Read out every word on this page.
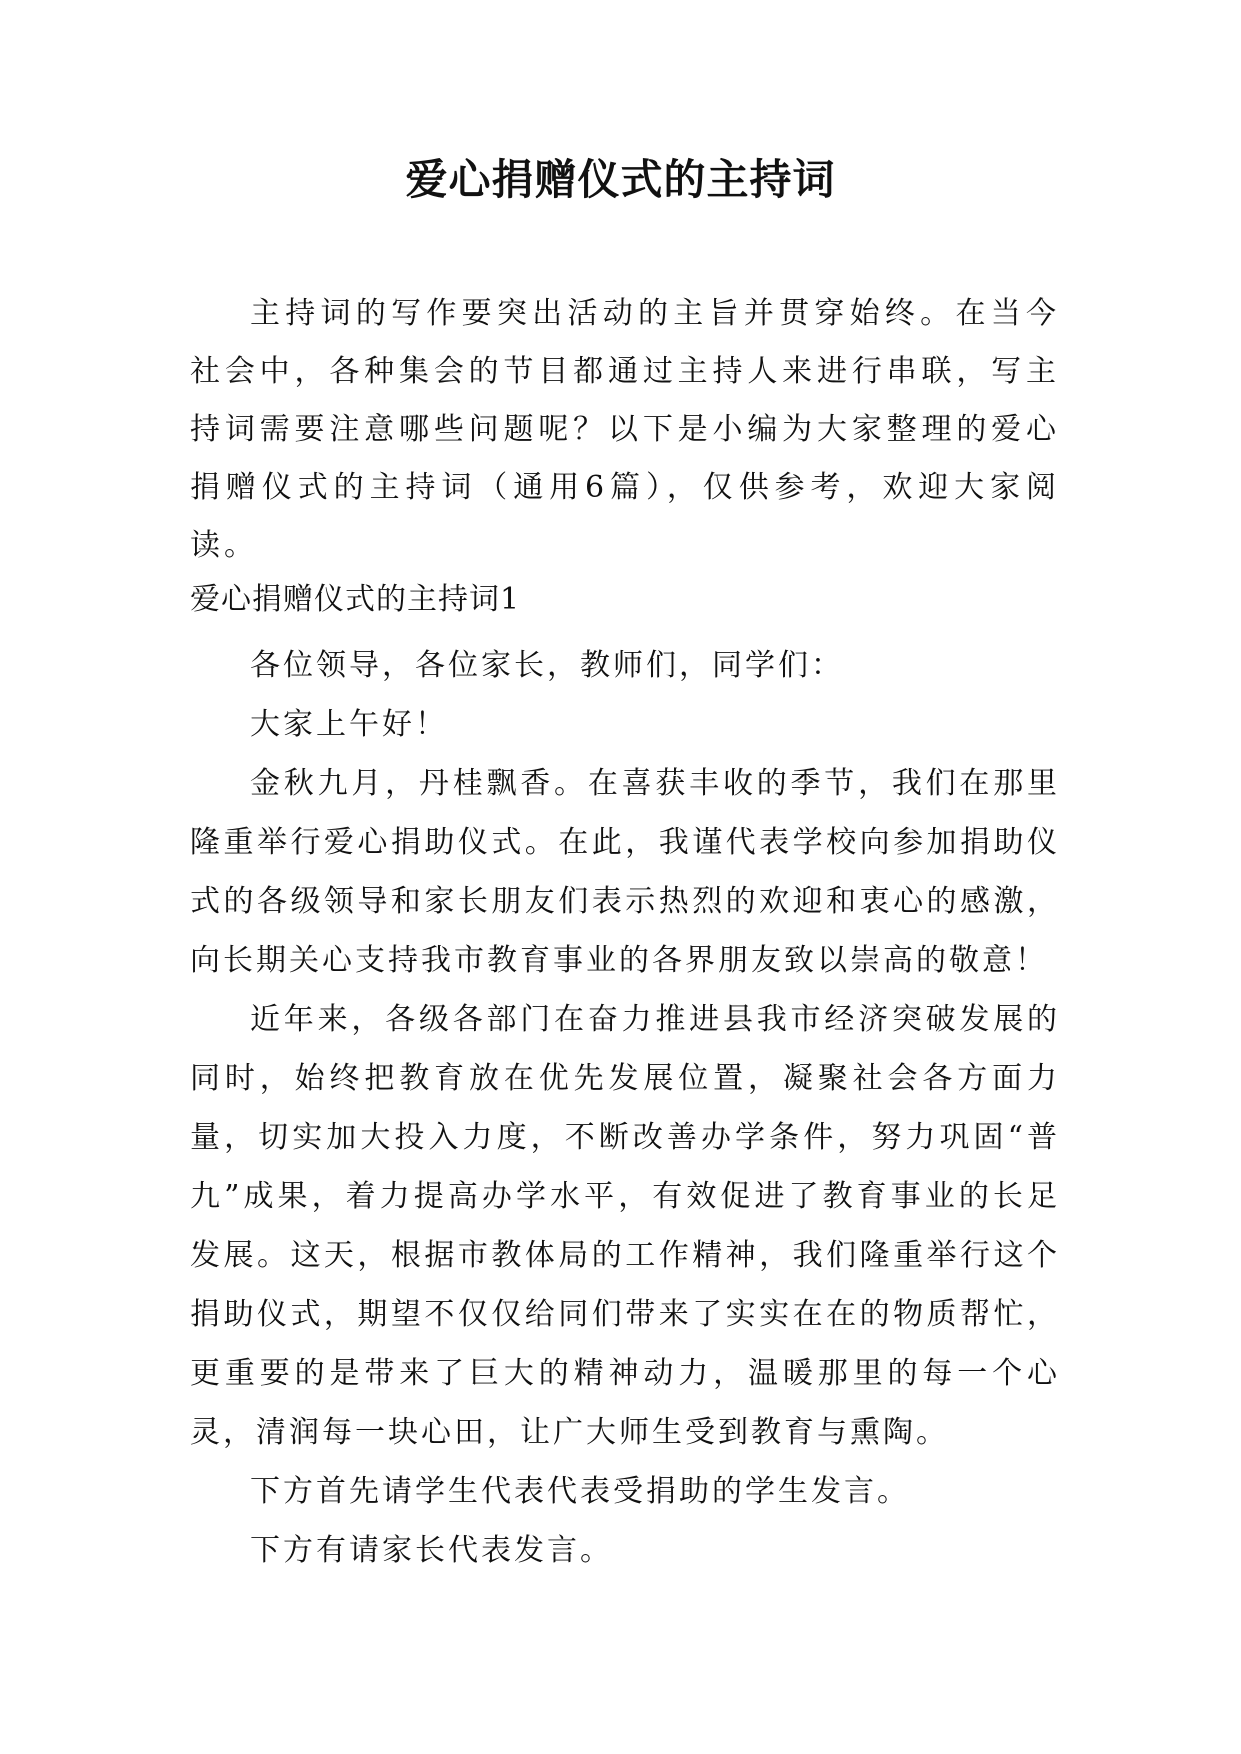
爱心捐赠仪式的主持词

主持词的写作要突出活动的主旨并贯穿始终。在当今社会中，各种集会的节目都通过主持人来进行串联，写主持词需要注意哪些问题呢？以下是小编为大家整理的爱心捐赠仪式的主持词（通用6篇），仅供参考，欢迎大家阅读。

爱心捐赠仪式的主持词1

各位领导，各位家长，教师们，同学们：

大家上午好！

金秋九月，丹桂飘香。在喜获丰收的季节，我们在那里隆重举行爱心捐助仪式。在此，我谨代表学校向参加捐助仪式的各级领导和家长朋友们表示热烈的欢迎和衷心的感激，向长期关心支持我市教育事业的各界朋友致以崇高的敬意！

近年来，各级各部门在奋力推进县我市经济突破发展的同时，始终把教育放在优先发展位置，凝聚社会各方面力量，切实加大投入力度，不断改善办学条件，努力巩固“普九”成果，着力提高办学水平，有效促进了教育事业的长足发展。这天，根据市教体局的工作精神，我们隆重举行这个捐助仪式，期望不仅仅给同们带来了实实在在的物质帮忙，更重要的是带来了巨大的精神动力，温暖那里的每一个心灵，清润每一块心田，让广大师生受到教育与熏陶。

下方首先请学生代表代表受捐助的学生发言。

下方有请家长代表发言。
